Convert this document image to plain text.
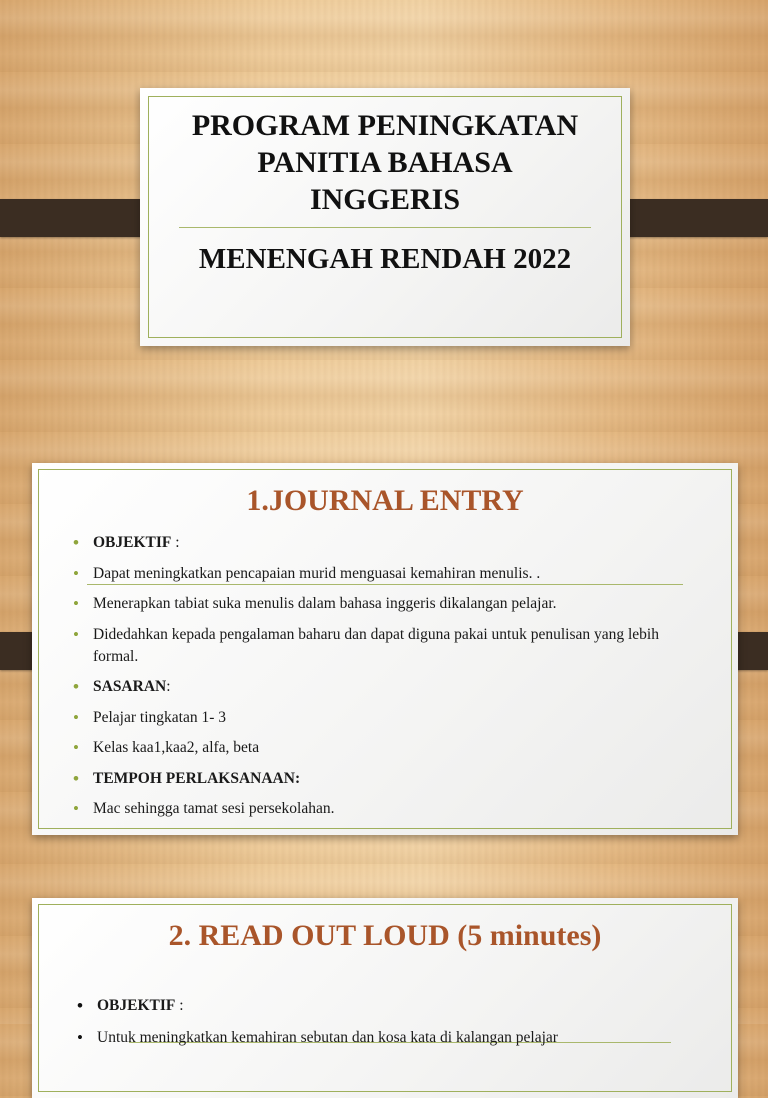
PROGRAM PENINGKATAN
PANITIA BAHASA
INGGERIS
MENENGAH RENDAH 2022
1.JOURNAL ENTRY
• OBJEKTIF :
• Dapat meningkatkan pencapaian murid menguasai kemahiran menulis. .
• Menerapkan tabiat suka menulis dalam bahasa inggeris dikalangan pelajar.
• Didedahkan kepada pengalaman baharu dan dapat diguna pakai untuk penulisan yang lebih formal.
• SASARAN:
• Pelajar tingkatan 1- 3
• Kelas kaa1,kaa2, alfa, beta
• TEMPOH PERLAKSANAAN:
• Mac sehingga tamat sesi persekolahan.
2. READ OUT LOUD (5 minutes)
• OBJEKTIF :
• Untuk meningkatkan kemahiran sebutan dan kosa kata di kalangan pelajar
